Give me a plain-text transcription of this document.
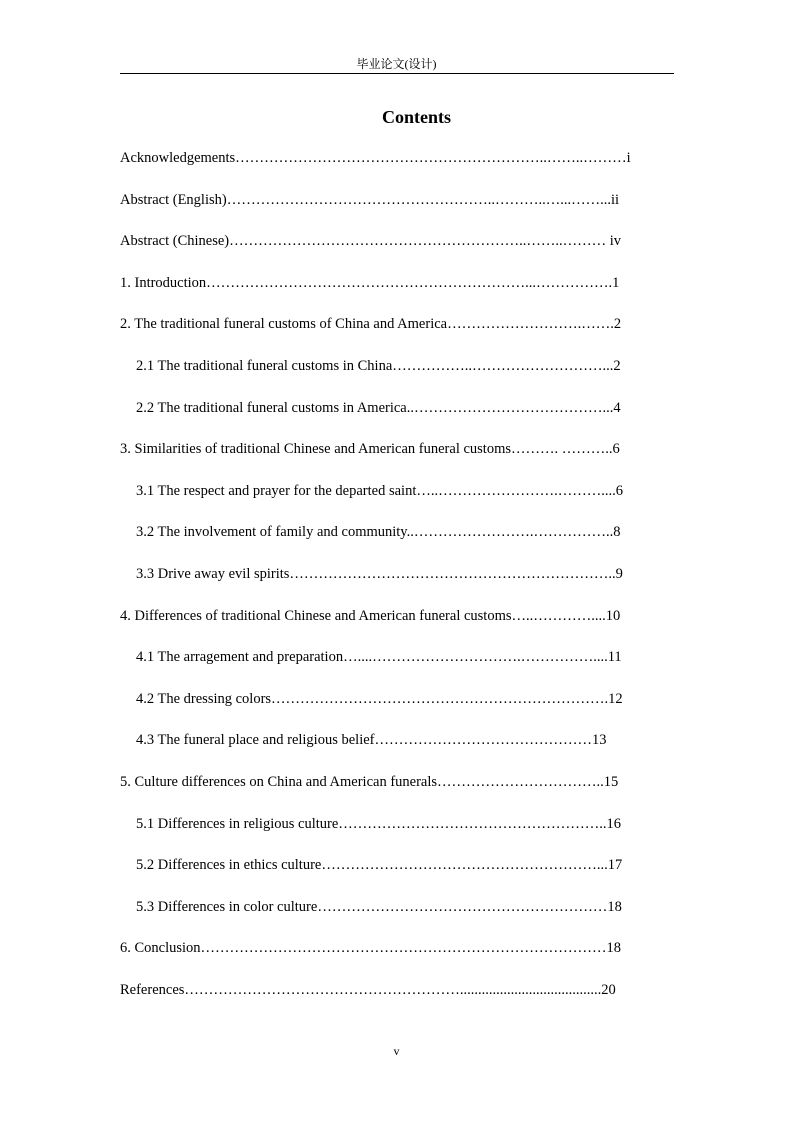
毕业论文(设计)
Contents
Acknowledgements………………………………………………………..……..………i
Abstract (English)………………………………………………..………..…...……...ii
Abstract (Chinese)……………………………………………………..……..……… iv
1. Introduction…………………………………………………………...…………….1
2. The traditional funeral customs of China and America……………………….…….2
2.1 The traditional funeral customs in China……………..………………………...2
2.2 The traditional funeral customs in America..…………………………………...4
3. Similarities of traditional Chinese and American funeral customs………. ………..6
3.1 The respect and prayer for the departed saint…..…………………….………....6
3.2 The involvement of family and community..…………………….……………..8
3.3 Drive away evil spirits…………………………………………………………..9
4. Differences of traditional Chinese and American funeral customs…..…………....10
4.1 The arragement and preparation…....………………………….……………....11
4.2 The dressing colors…………………………………………………………….12
4.3 The funeral place and religious belief………………………………………13
5. Culture differences on China and American funerals……………………………..15
5.1 Differences in religious culture………………………………………………..16
5.2 Differences in ethics culture…………………………………………………...17
5.3 Differences in color culture……………………………………………………18
6. Conclusion…………………………………………………………………………18
References………………………………………………….......................................20
v
